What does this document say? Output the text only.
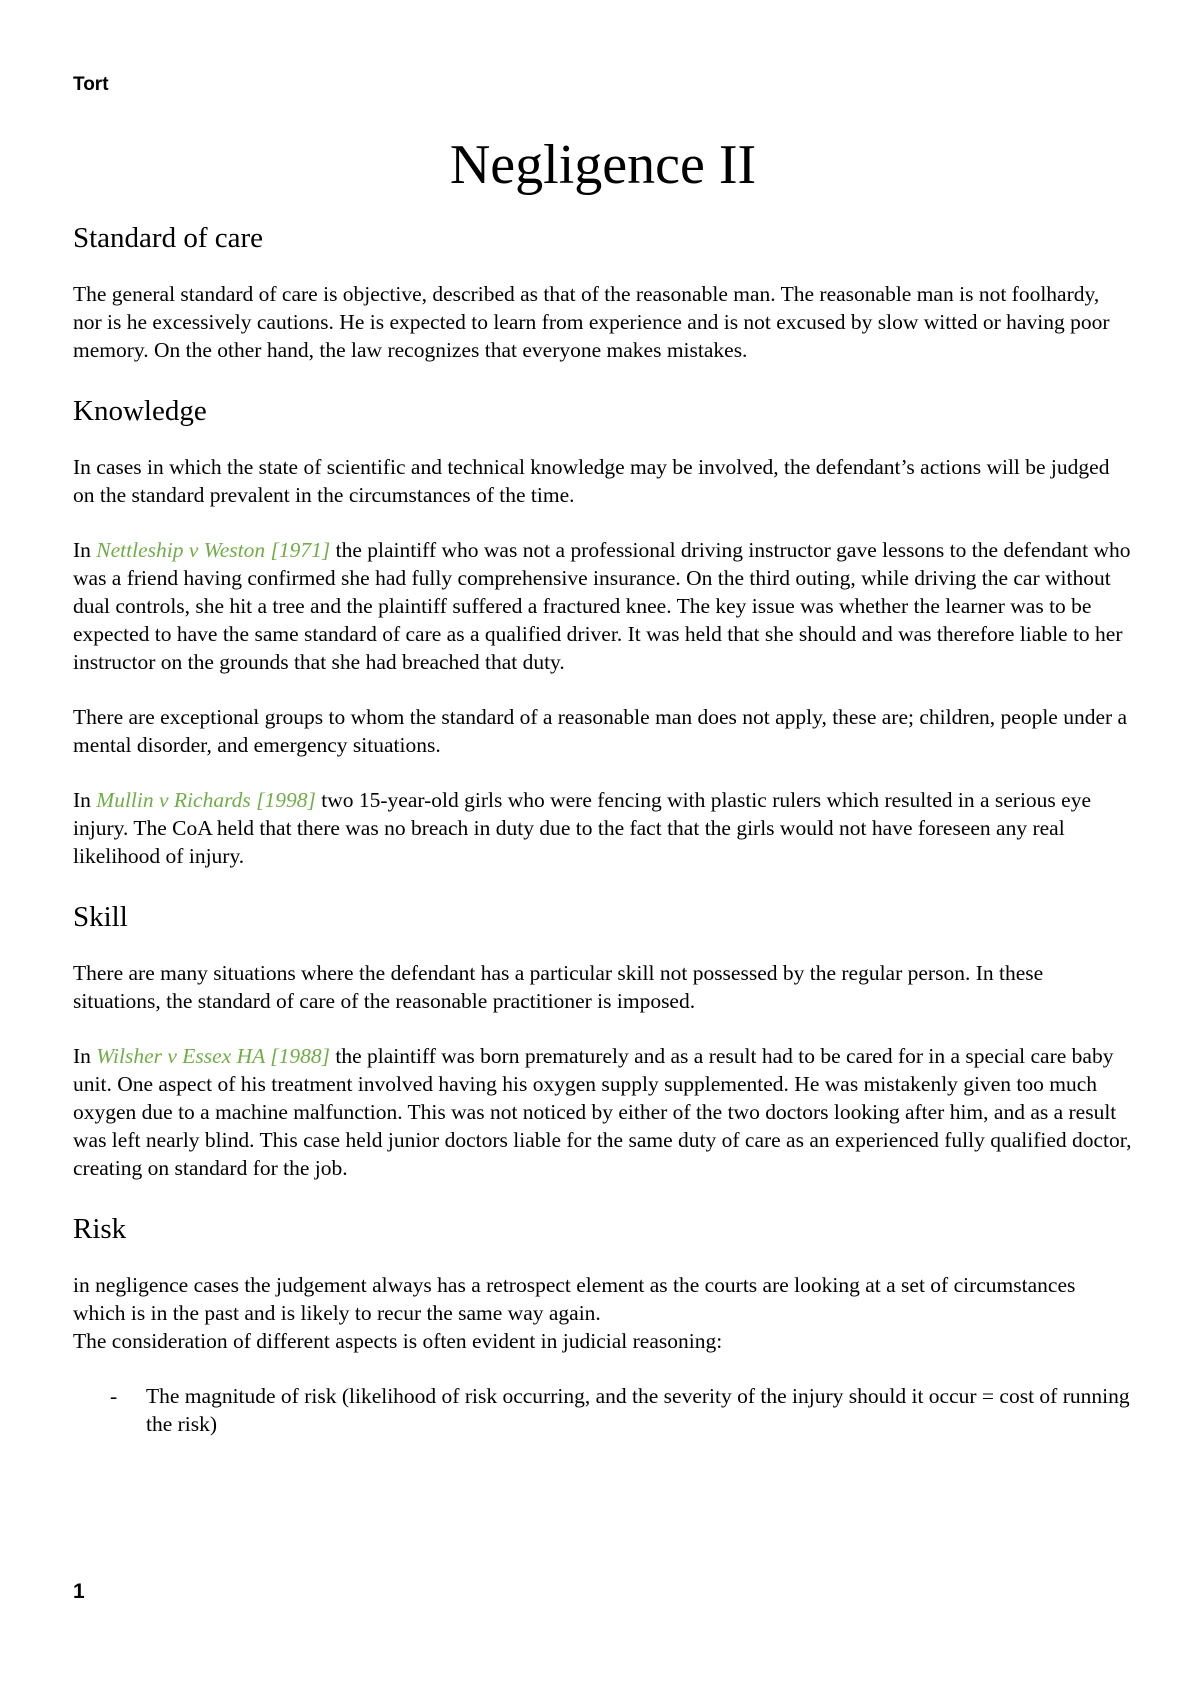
Tort
Negligence II
Standard of care

The general standard of care is objective, described as that of the reasonable man. The reasonable man is not foolhardy, nor is he excessively cautions. He is expected to learn from experience and is not excused by slow witted or having poor memory. On the other hand, the law recognizes that everyone makes mistakes.

Knowledge

In cases in which the state of scientific and technical knowledge may be involved, the defendant’s actions will be judged on the standard prevalent in the circumstances of the time.

In Nettleship v Weston [1971] the plaintiff who was not a professional driving instructor gave lessons to the defendant who was a friend having confirmed she had fully comprehensive insurance. On the third outing, while driving the car without dual controls, she hit a tree and the plaintiff suffered a fractured knee. The key issue was whether the learner was to be expected to have the same standard of care as a qualified driver. It was held that she should and was therefore liable to her instructor on the grounds that she had breached that duty.

There are exceptional groups to whom the standard of a reasonable man does not apply, these are; children, people under a mental disorder, and emergency situations.

In Mullin v Richards [1998] two 15-year-old girls who were fencing with plastic rulers which resulted in a serious eye injury. The CoA held that there was no breach in duty due to the fact that the girls would not have foreseen any real likelihood of injury.

Skill

There are many situations where the defendant has a particular skill not possessed by the regular person. In these situations, the standard of care of the reasonable practitioner is imposed.

In Wilsher v Essex HA [1988] the plaintiff was born prematurely and as a result had to be cared for in a special care baby unit. One aspect of his treatment involved having his oxygen supply supplemented. He was mistakenly given too much oxygen due to a machine malfunction. This was not noticed by either of the two doctors looking after him, and as a result was left nearly blind. This case held junior doctors liable for the same duty of care as an experienced fully qualified doctor, creating on standard for the job.

Risk

in negligence cases the judgement always has a retrospect element as the courts are looking at a set of circumstances which is in the past and is likely to recur the same way again.

The consideration of different aspects is often evident in judicial reasoning:

-	The magnitude of risk (likelihood of risk occurring, and the severity of the injury should it occur = cost of running the risk)
1
